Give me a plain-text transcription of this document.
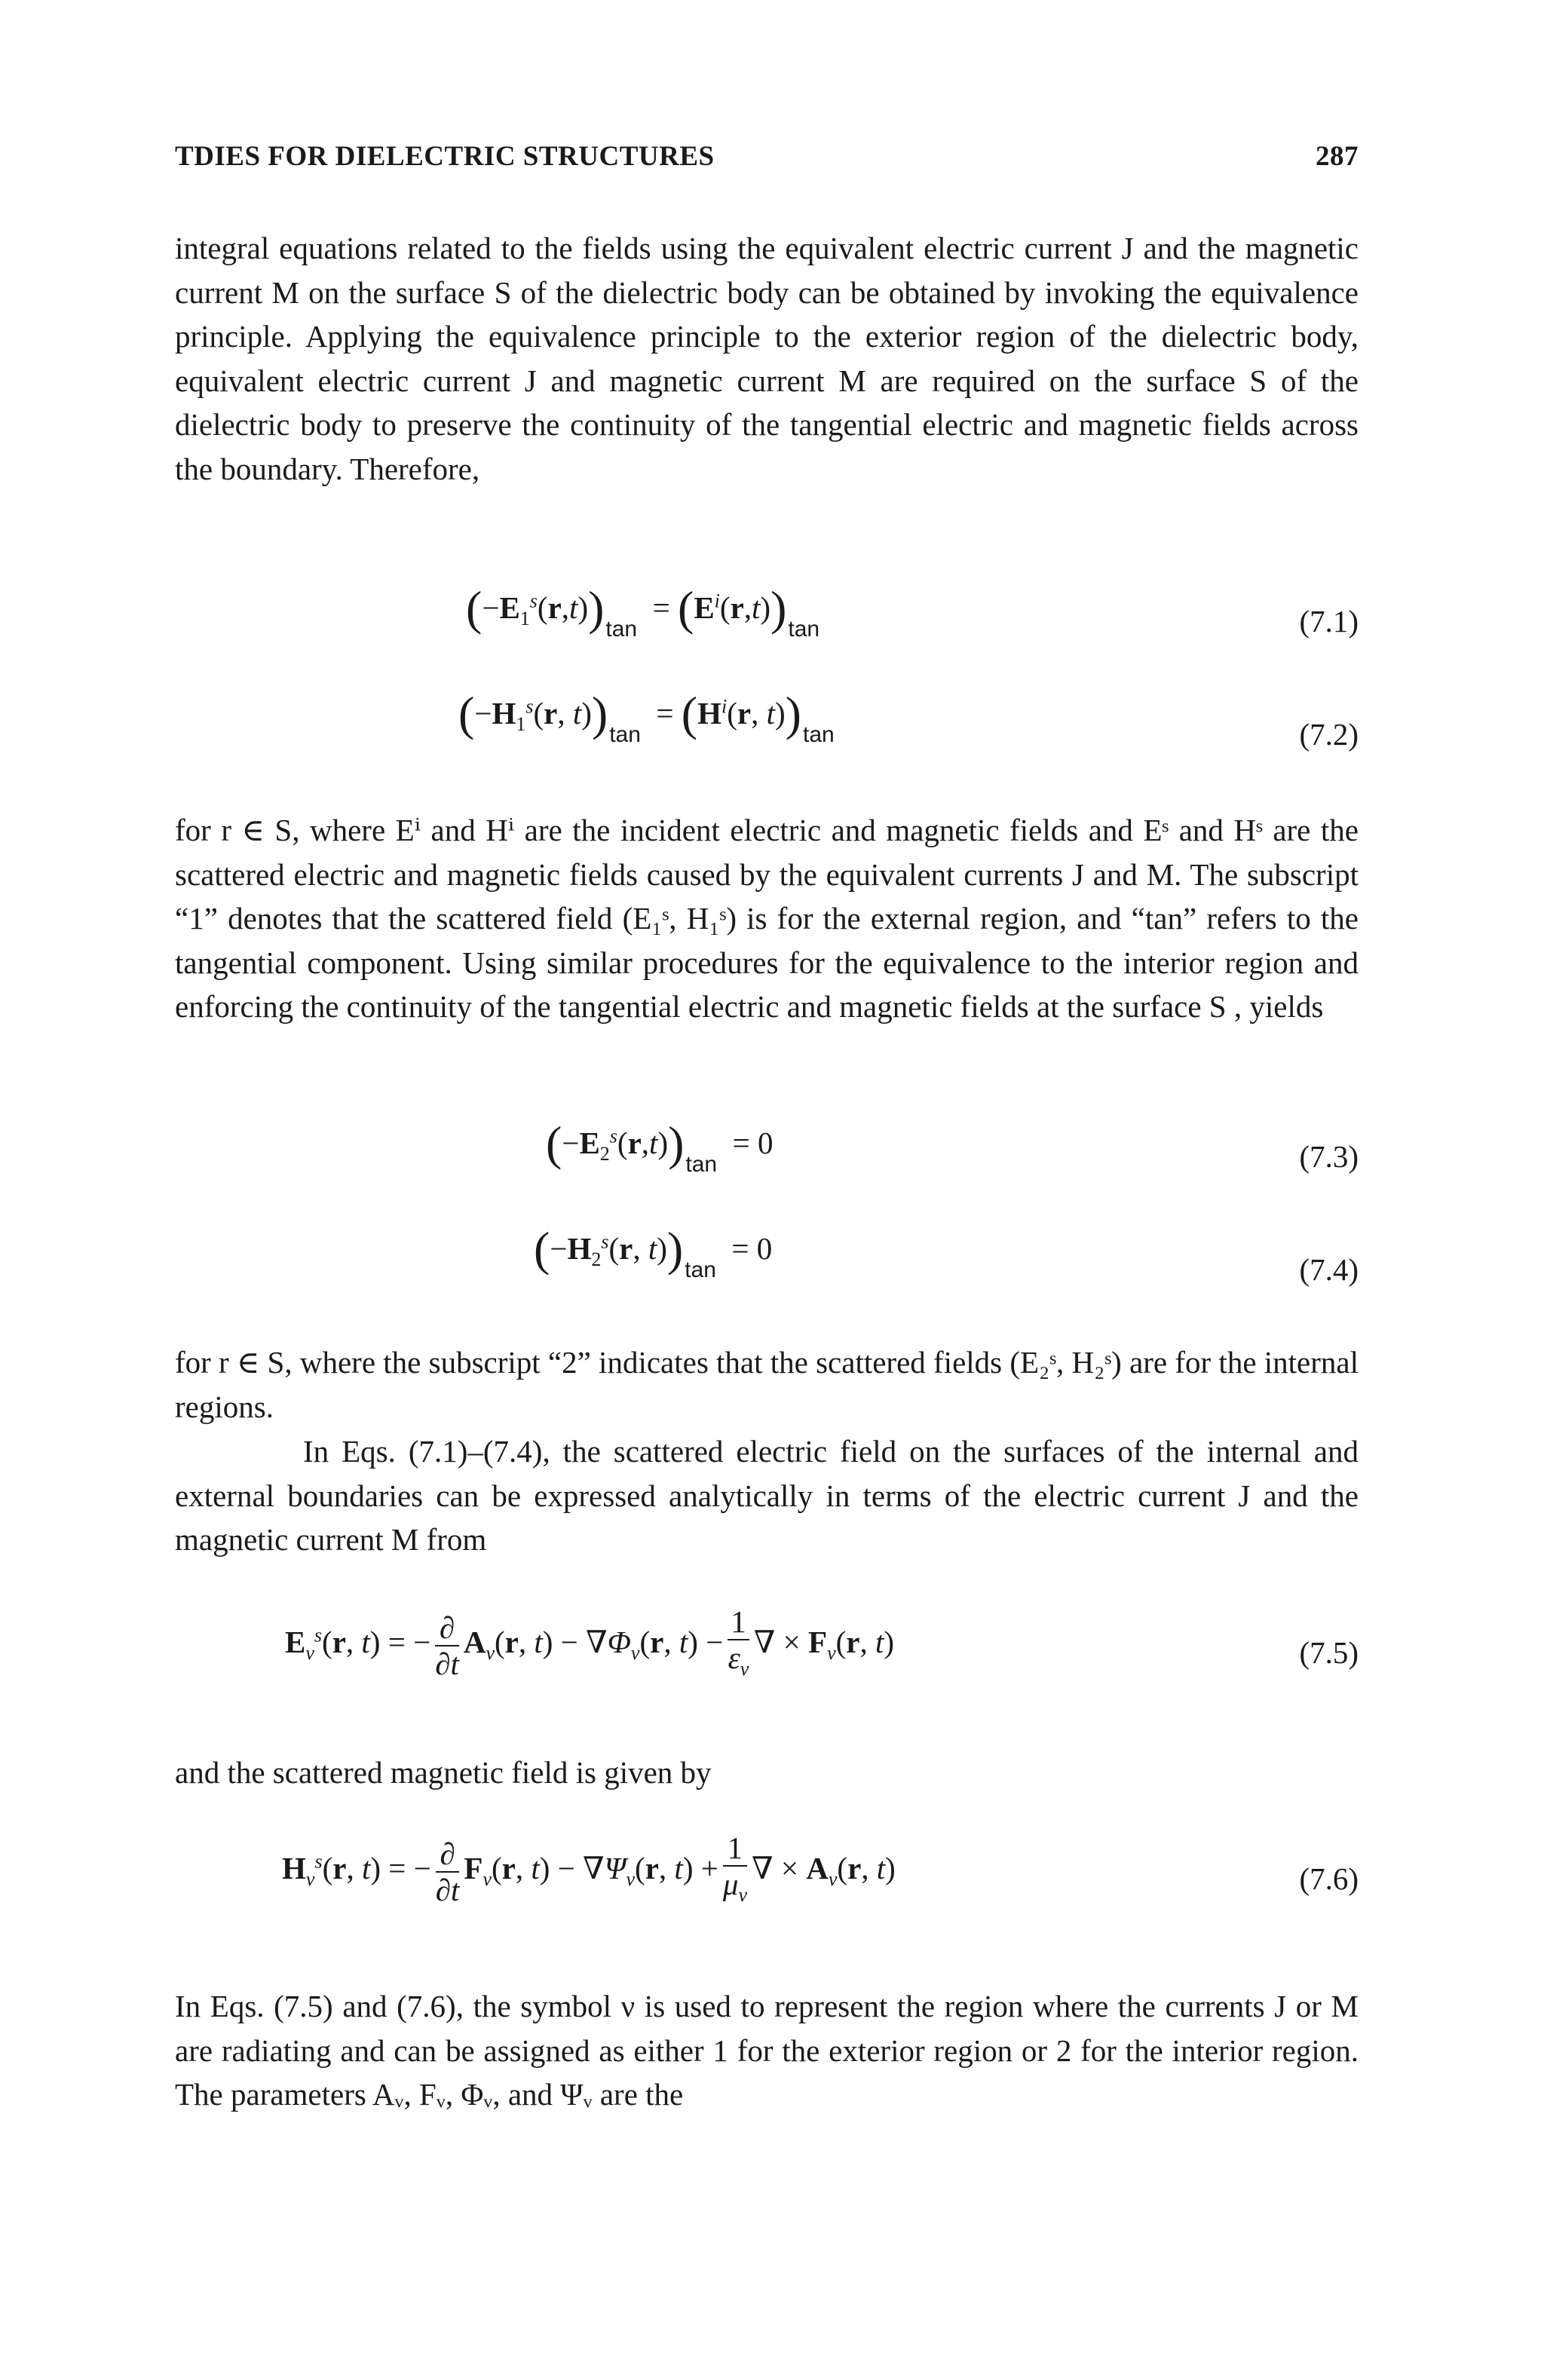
TDIES FOR DIELECTRIC STRUCTURES	287

integral equations related to the fields using the equivalent electric current J and the magnetic current M on the surface S of the dielectric body can be obtained by invoking the equivalence principle. Applying the equivalence principle to the exterior region of the dielectric body, equivalent electric current J and magnetic current M are required on the surface S of the dielectric body to preserve the continuity of the tangential electric and magnetic fields across the boundary. Therefore,

$(-E_1^s(r,t))_{tan} = (E^i(r,t))_{tan}$	(7.1)
($-H_1^s(r$, $t))_{tan} = (H^i(r$, $t))_{tan}$	(7.2)

for r ∈ S, where Eⁱ and Hⁱ are the incident electric and magnetic fields and Eˢ and Hˢ are the scattered electric and magnetic fields caused by the equivalent currents J and M. The subscript “1” denotes that the scattered field (E₁ˢ, H₁ˢ) is for the external region, and “tan” refers to the tangential component. Using similar procedures for the equivalence to the interior region and enforcing the continuity of the tangential electric and magnetic fields at the surface S , yields

$(-E_2^s(r,t))_{tan} = 0$	(7.3)
($-H_2^s(r$, $t))_{tan} = 0$
(7.4)

for r ∈ S, where the subscript “2” indicates that the scattered fields (E₂ˢ, H₂ˢ) are for the internal regions.

In Eqs. (7.1)–(7.4), the scattered electric field on the surfaces of the internal and external boundaries can be expressed analytically in terms of the electric current J and the magnetic current M from

$E_\nu^s(r$, t) = − $\frac{\partial}{\partial t} A_\nu(r$, $t) - \nabla\Phi_\nu(r$, $t) - \frac{1}{\varepsilon_\nu}$ ∇ × $F_\nu(r$, t)	(7.5)

and the scattered magnetic field is given by

$H_\nu^s(r$, t) = − $\frac{\partial}{\partial t} F_\nu(r$, $t) - \nabla\Psi_\nu(r$, $t) + \frac{1}{\mu_\nu}$ ∇ × $A_\nu(r$, t)	(7.6)

In Eqs. (7.5) and (7.6), the symbol ν is used to represent the region where the currents J or M are radiating and can be assigned as either 1 for the exterior region or 2 for the interior region. The parameters Aᵥ, Fᵥ, Φᵥ, and Ψᵥ are the
